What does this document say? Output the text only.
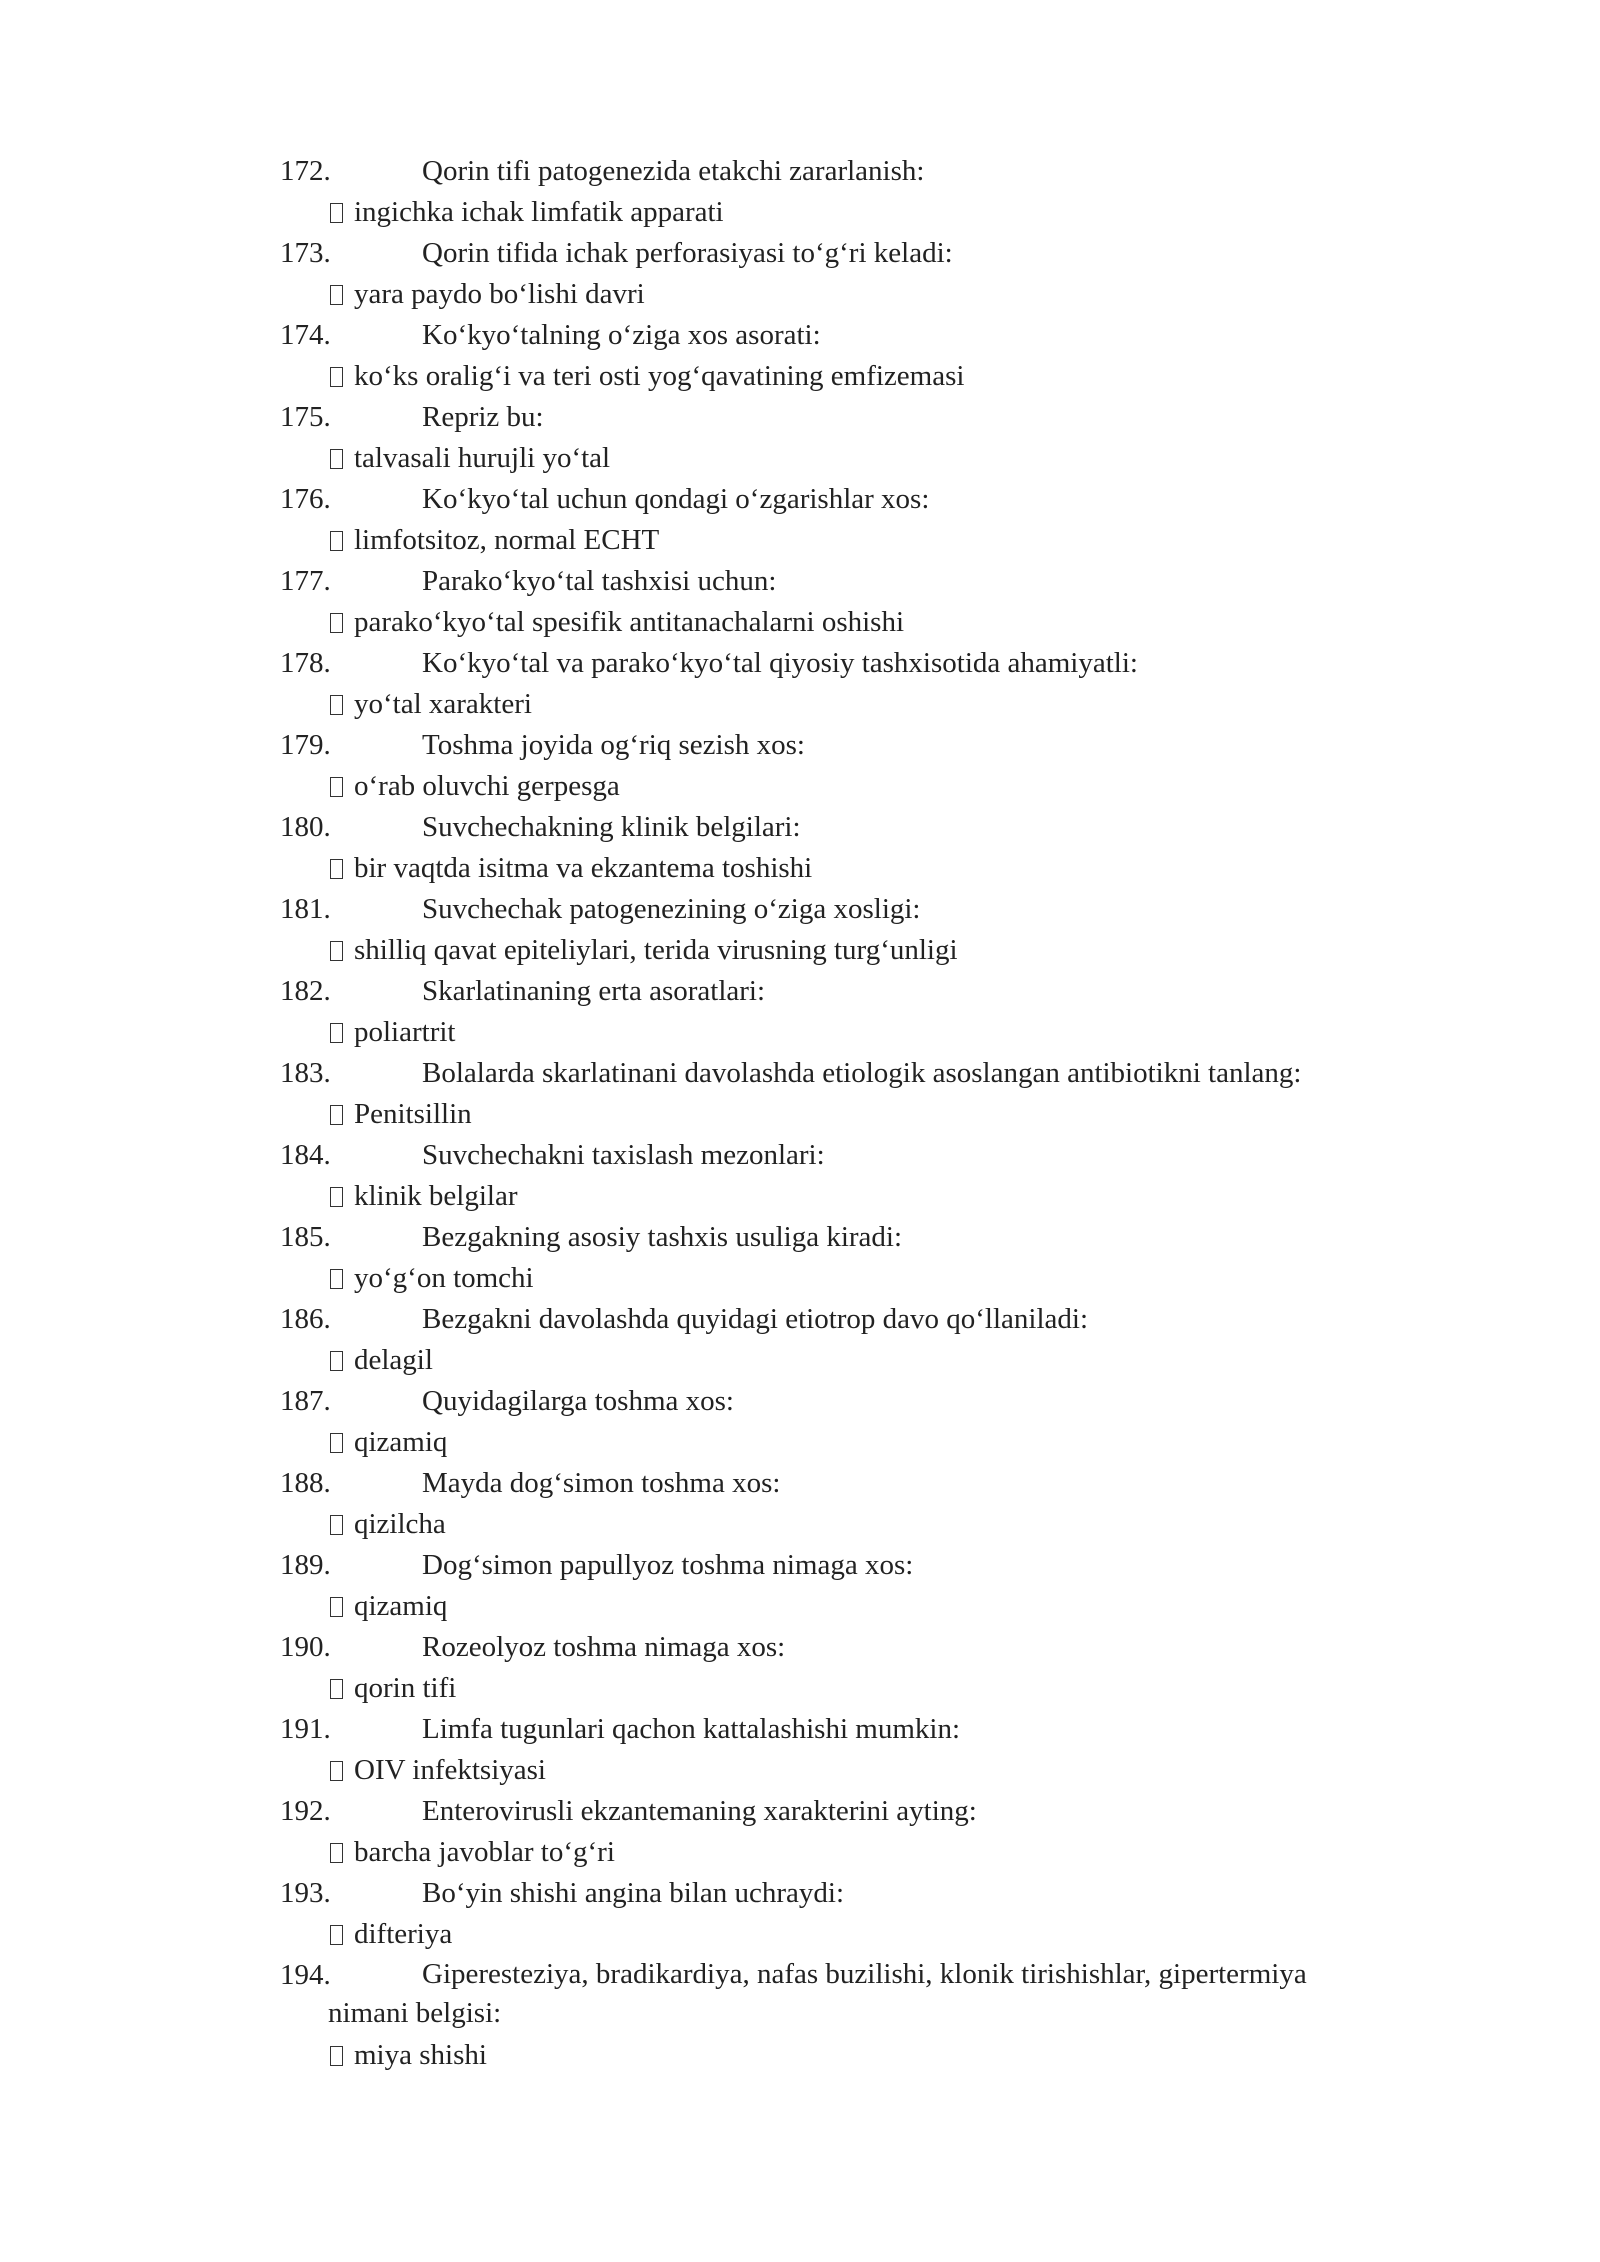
172.	Qorin tifi patogenezida etakchi zararlanish:
ingichka ichak limfatik apparati
173.	Qorin tifida ichak perforasiyasi to‘g‘ri keladi:
yara paydo bo‘lishi davri
174.	Ko‘kyo‘talning o‘ziga xos asorati:
ko‘ks oralig‘i va teri osti yog‘qavatining emfizemasi
175.	Repriz bu:
talvasali hurujli yo‘tal
176.	Ko‘kyo‘tal uchun qondagi o‘zgarishlar xos:
limfotsitoz, normal ECHT
177.	Parako‘kyo‘tal tashxisi uchun:
parako‘kyo‘tal spesifik antitanachalarni oshishi
178.	Ko‘kyo‘tal va parako‘kyo‘tal qiyosiy tashxisotida ahamiyatli:
yo‘tal xarakteri
179.	Toshma joyida og‘riq sezish xos:
o‘rab oluvchi gerpesga
180.	Suvchechakning klinik belgilari:
bir vaqtda isitma va ekzantema toshishi
181.	Suvchechak patogenezining o‘ziga xosligi:
shilliq qavat epiteliylari, terida virusning turg‘unligi
182.	Skarlatinaning erta asoratlari:
poliartrit
183.	Bolalarda skarlatinani davolashda etiologik asoslangan antibiotikni tanlang:
Penitsillin
184.	Suvchechakni taxislash mezonlari:
klinik belgilar
185.	Bezgakning asosiy tashxis usuliga kiradi:
yo‘g‘on tomchi
186.	Bezgakni davolashda quyidagi etiotrop davo qo‘llaniladi:
delagil
187.	Quyidagilarga toshma xos:
qizamiq
188.	Mayda dog‘simon toshma xos:
qizilcha
189.	Dog‘simon papullyoz toshma nimaga xos:
qizamiq
190.	Rozeolyoz toshma nimaga xos:
qorin tifi
191.	Limfa tugunlari qachon kattalashishi mumkin:
OIV infektsiyasi
192.	Enterovirusli ekzantemaning xarakterini ayting:
barcha javoblar to‘g‘ri
193.	Bo‘yin shishi angina bilan uchraydi:
difteriya
194.	Giperesteziya, bradikardiya, nafas buzilishi, klonik tirishishlar, gipertermiya
nimani belgisi:
miya shishi
